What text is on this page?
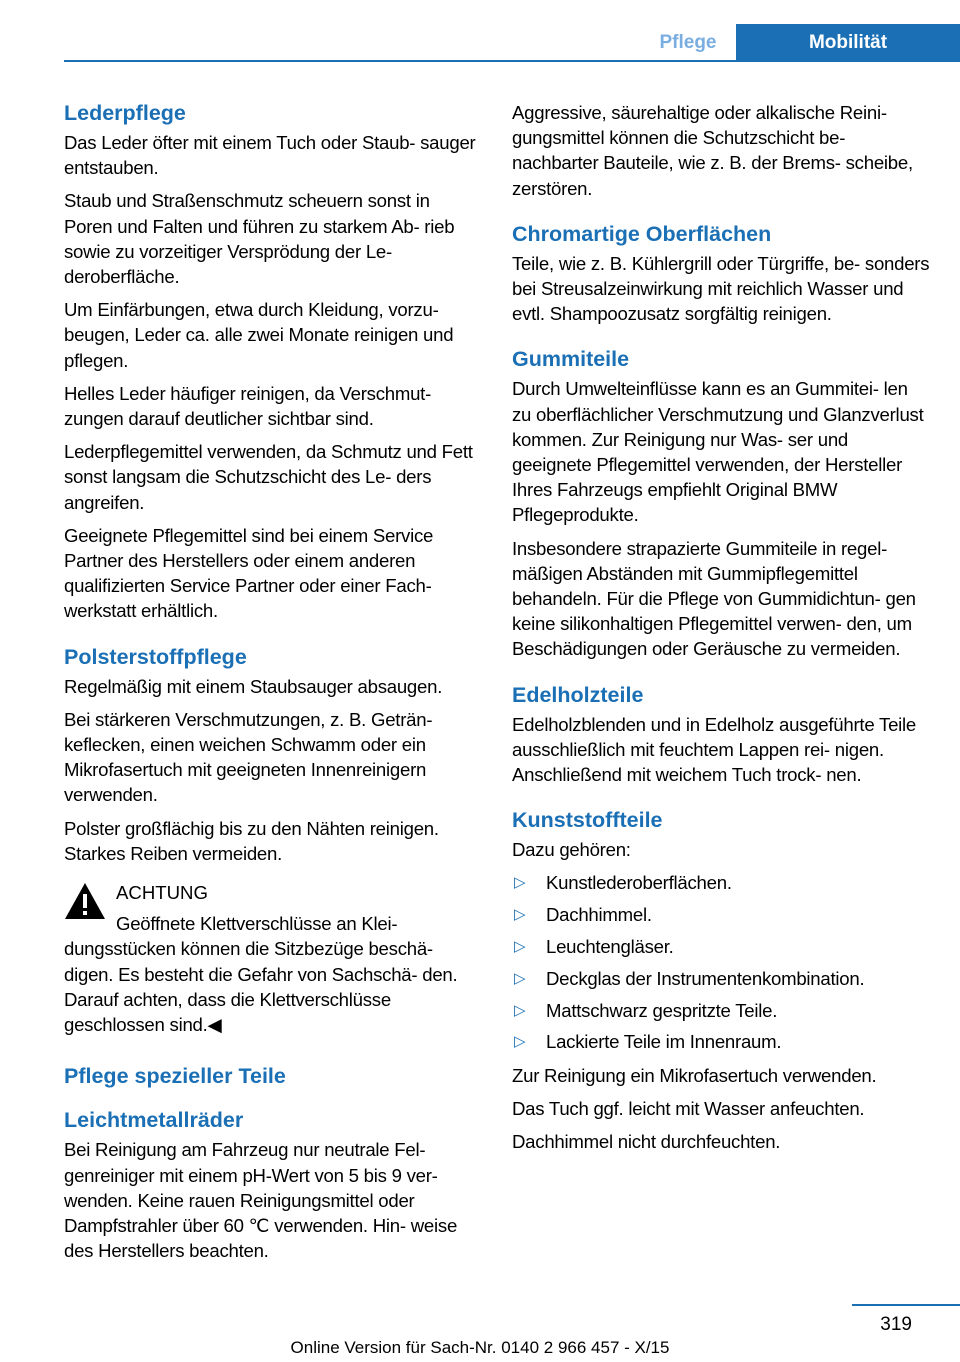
Pflege	Mobilität
Lederpflege

Das Leder öfter mit einem Tuch oder Staub‐ sauger entstauben.

Staub und Straßenschmutz scheuern sonst in Poren und Falten und führen zu starkem Ab‐ rieb sowie zu vorzeitiger Versprödung der Le‐ deroberfläche.

Um Einfärbungen, etwa durch Kleidung, vorzu‐ beugen, Leder ca. alle zwei Monate reinigen und pflegen.

Helles Leder häufiger reinigen, da Verschmut‐ zungen darauf deutlicher sichtbar sind.

Lederpflegemittel verwenden, da Schmutz und Fett sonst langsam die Schutzschicht des Le‐ ders angreifen.

Geeignete Pflegemittel sind bei einem Service Partner des Herstellers oder einem anderen qualifizierten Service Partner oder einer Fach‐ werkstatt erhältlich.

Polsterstoffpflege

Regelmäßig mit einem Staubsauger absaugen.

Bei stärkeren Verschmutzungen, z. B. Geträn‐ keflecken, einen weichen Schwamm oder ein Mikrofasertuch mit geeigneten Innenreinigern verwenden.

Polster großflächig bis zu den Nähten reinigen. Starkes Reiben vermeiden.

ACHTUNG
Geöffnete Klettverschlüsse an Klei‐
dungsstücken können die Sitzbezüge beschä‐ digen. Es besteht die Gefahr von Sachschä‐ den. Darauf achten, dass die Klettverschlüsse geschlossen sind.◀
Pflege spezieller Teile
Leichtmetallräder

Bei Reinigung am Fahrzeug nur neutrale Fel‐ genreiniger mit einem pH-Wert von 5 bis 9 ver‐ wenden. Keine rauen Reinigungsmittel oder Dampfstrahler über 60 ℃ verwenden. Hin‐ weise des Herstellers beachten.

Aggressive, säurehaltige oder alkalische Reini‐ gungsmittel können die Schutzschicht be‐ nachbarter Bauteile, wie z. B. der Brems‐ scheibe, zerstören.

Chromartige Oberflächen

Teile, wie z. B. Kühlergrill oder Türgriffe, be‐ sonders bei Streusalzeinwirkung mit reichlich Wasser und evtl. Shampoozusatz sorgfältig reinigen.

Gummiteile

Durch Umwelteinflüsse kann es an Gummitei‐ len zu oberflächlicher Verschmutzung und Glanzverlust kommen. Zur Reinigung nur Was‐ ser und geeignete Pflegemittel verwenden, der Hersteller Ihres Fahrzeugs empfiehlt Original BMW Pflegeprodukte.

Insbesondere strapazierte Gummiteile in regel‐ mäßigen Abständen mit Gummipflegemittel behandeln. Für die Pflege von Gummidichtun‐ gen keine silikonhaltigen Pflegemittel verwen‐ den, um Beschädigungen oder Geräusche zu vermeiden.

Edelholzteile

Edelholzblenden und in Edelholz ausgeführte Teile ausschließlich mit feuchtem Lappen rei‐ nigen. Anschließend mit weichem Tuch trock‐ nen.

Kunststoffteile

Dazu gehören:

▷ Kunstlederoberflächen.
▷ Dachhimmel.
▷ Leuchtengläser.
▷ Deckglas der Instrumentenkombination.
▷ Mattschwarz gespritzte Teile.
▷ Lackierte Teile im Innenraum.

Zur Reinigung ein Mikrofasertuch verwenden.

Das Tuch ggf. leicht mit Wasser anfeuchten.

Dachhimmel nicht durchfeuchten.

319
Online Version für Sach-Nr. 0140 2 966 457 - X/15
